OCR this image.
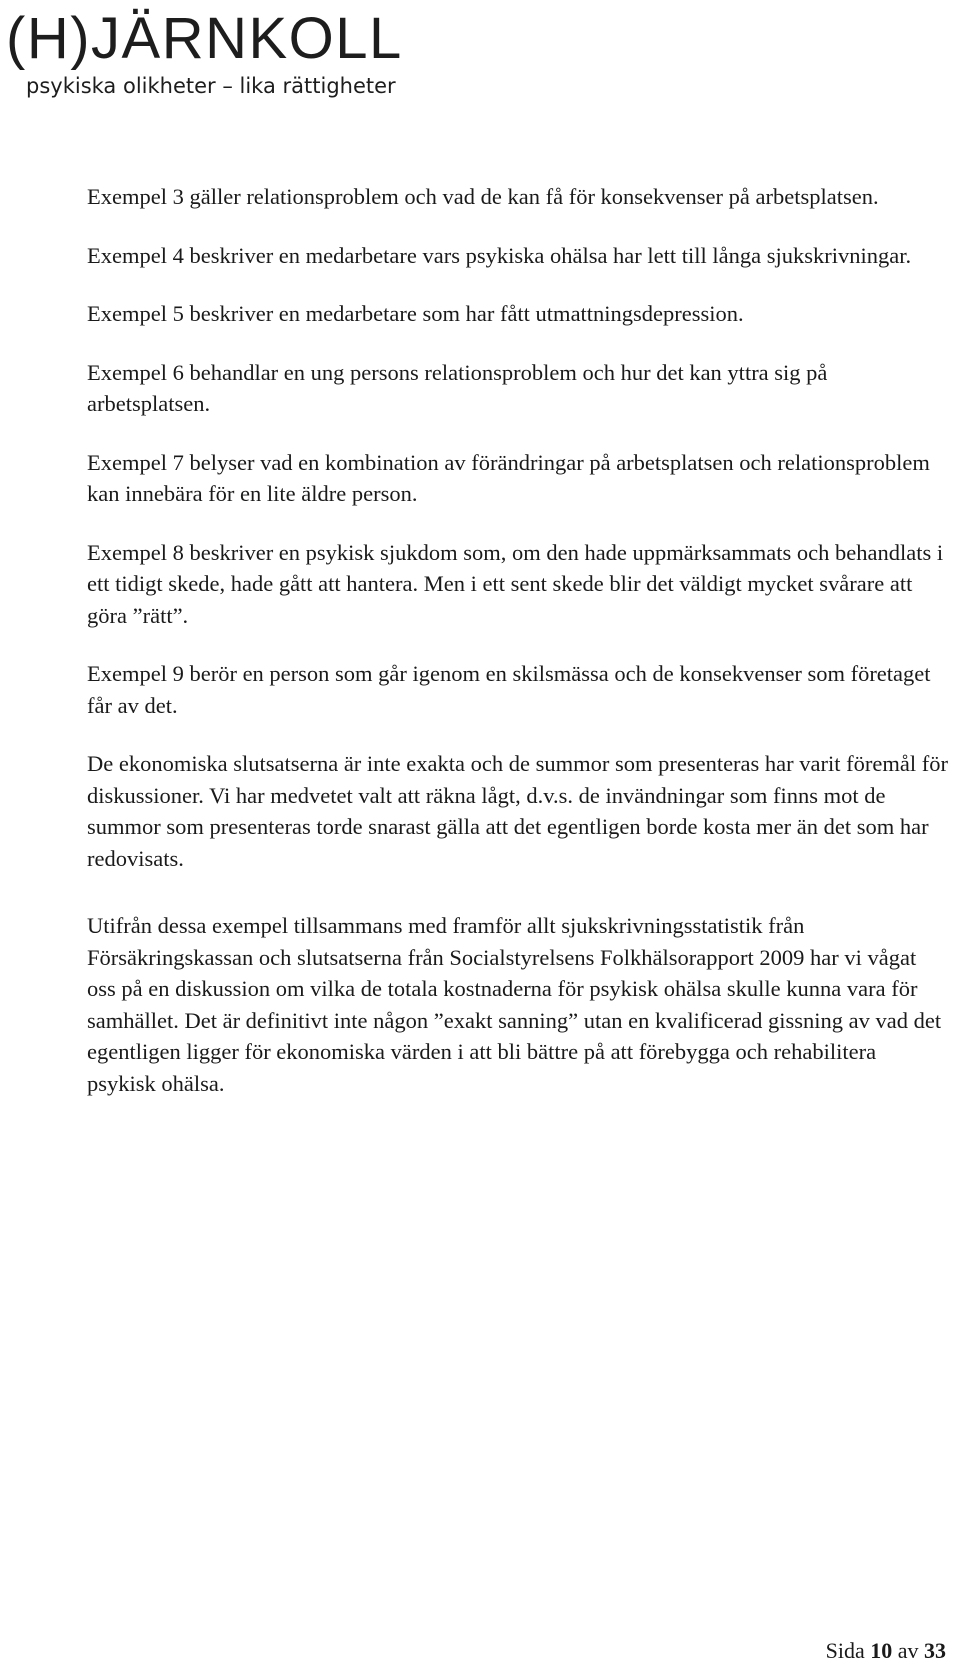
(H)JÄRNKOLL
psykiska olikheter – lika rättigheter

Exempel 3 gäller relationsproblem och vad de kan få för konsekvenser på arbetsplatsen.

Exempel 4 beskriver en medarbetare vars psykiska ohälsa har lett till långa sjukskrivningar.

Exempel 5 beskriver en medarbetare som har fått utmattningsdepression.

Exempel 6 behandlar en ung persons relationsproblem och hur det kan yttra sig på arbetsplatsen.

Exempel 7 belyser vad en kombination av förändringar på arbetsplatsen och relationsproblem kan innebära för en lite äldre person.

Exempel 8 beskriver en psykisk sjukdom som, om den hade uppmärksammats och behandlats i ett tidigt skede, hade gått att hantera. Men i ett sent skede blir det väldigt mycket svårare att göra ”rätt”.

Exempel 9 berör en person som går igenom en skilsmässa och de konsekvenser som företaget får av det.

De ekonomiska slutsatserna är inte exakta och de summor som presenteras har varit föremål för diskussioner. Vi har medvetet valt att räkna lågt, d.v.s. de invändningar som finns mot de summor som presenteras torde snarast gälla att det egentligen borde kosta mer än det som har redovisats.

Utifrån dessa exempel tillsammans med framför allt sjukskrivningsstatistik från Försäkringskassan och slutsatserna från Socialstyrelsens Folkhälsorapport 2009 har vi vågat oss på en diskussion om vilka de totala kostnaderna för psykisk ohälsa skulle kunna vara för samhället. Det är definitivt inte någon ”exakt sanning” utan en kvalificerad gissning av vad det egentligen ligger för ekonomiska värden i att bli bättre på att förebygga och rehabilitera psykisk ohälsa.

Sida 10 av 33
